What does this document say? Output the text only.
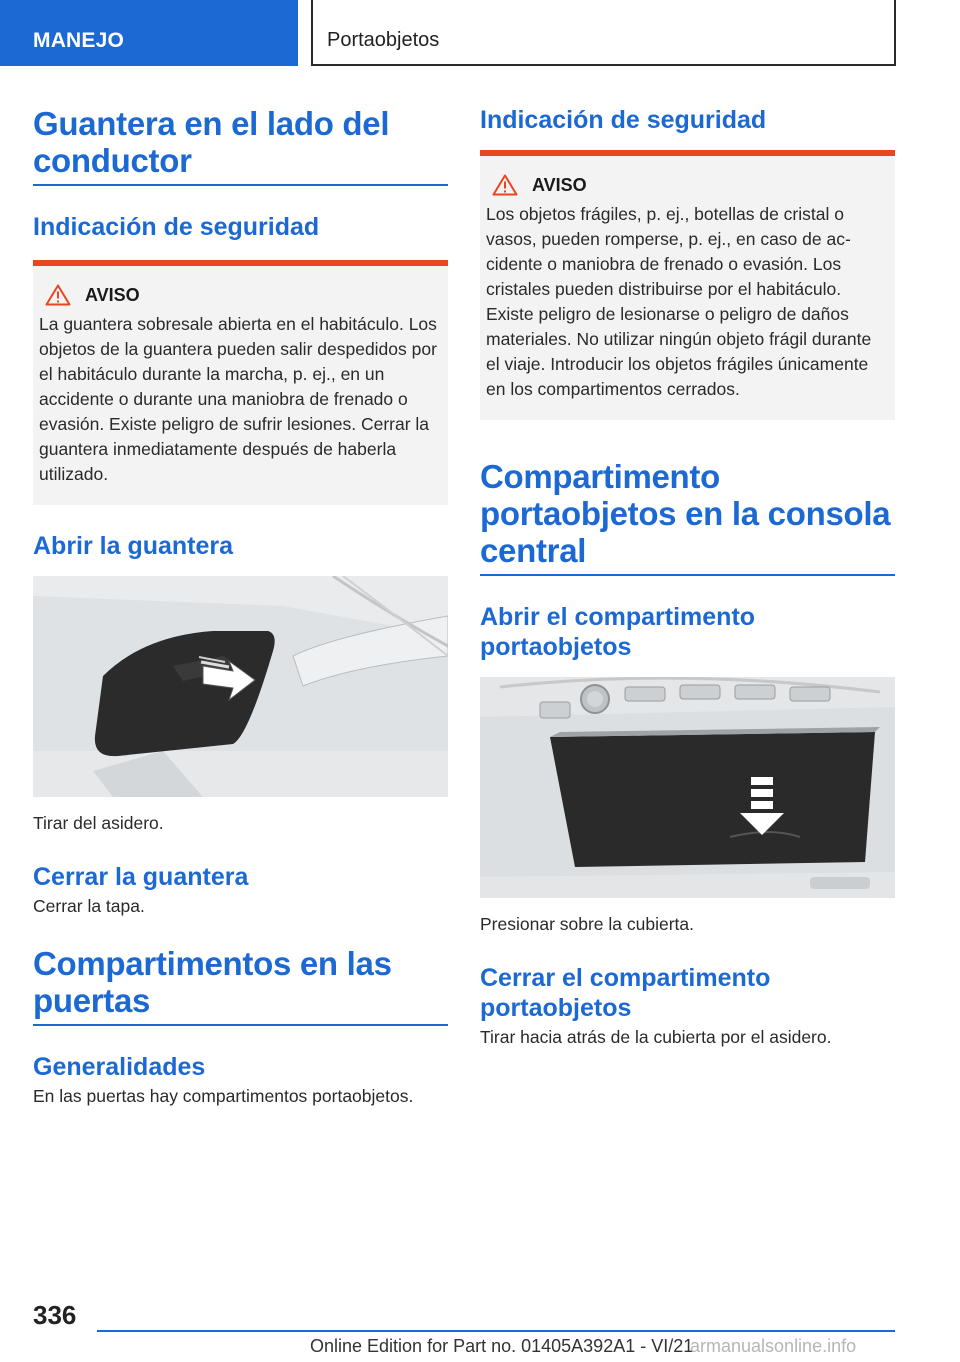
MANEJO	Portaobjetos
Guantera en el lado del conductor
Indicación de seguridad
AVISO
La guantera sobresale abierta en el habitáculo. Los objetos de la guantera pueden salir despedidos por el habitáculo durante la marcha, p. ej., en un accidente o durante una maniobra de frenado o evasión. Existe peligro de sufrir lesiones. Cerrar la guantera inmediatamente después de haberla utilizado.
Abrir la guantera
Tirar del asidero.
Cerrar la guantera
Cerrar la tapa.
Compartimentos en las puertas
Generalidades
En las puertas hay compartimentos portaobjetos.
Indicación de seguridad
AVISO
Los objetos frágiles, p. ej., botellas de cristal o vasos, pueden romperse, p. ej., en caso de accidente o maniobra de frenado o evasión. Los cristales pueden distribuirse por el habitáculo. Existe peligro de lesionarse o peligro de daños materiales. No utilizar ningún objeto frágil durante el viaje. Introducir los objetos frágiles únicamente en los compartimentos cerrados.
Compartimento portaobjetos en la consola central
Abrir el compartimento portaobjetos
Presionar sobre la cubierta.
Cerrar el compartimento portaobjetos
Tirar hacia atrás de la cubierta por el asidero.
336
Online Edition for Part no. 01405A392A1 - VI/21
armanualsonline.info
